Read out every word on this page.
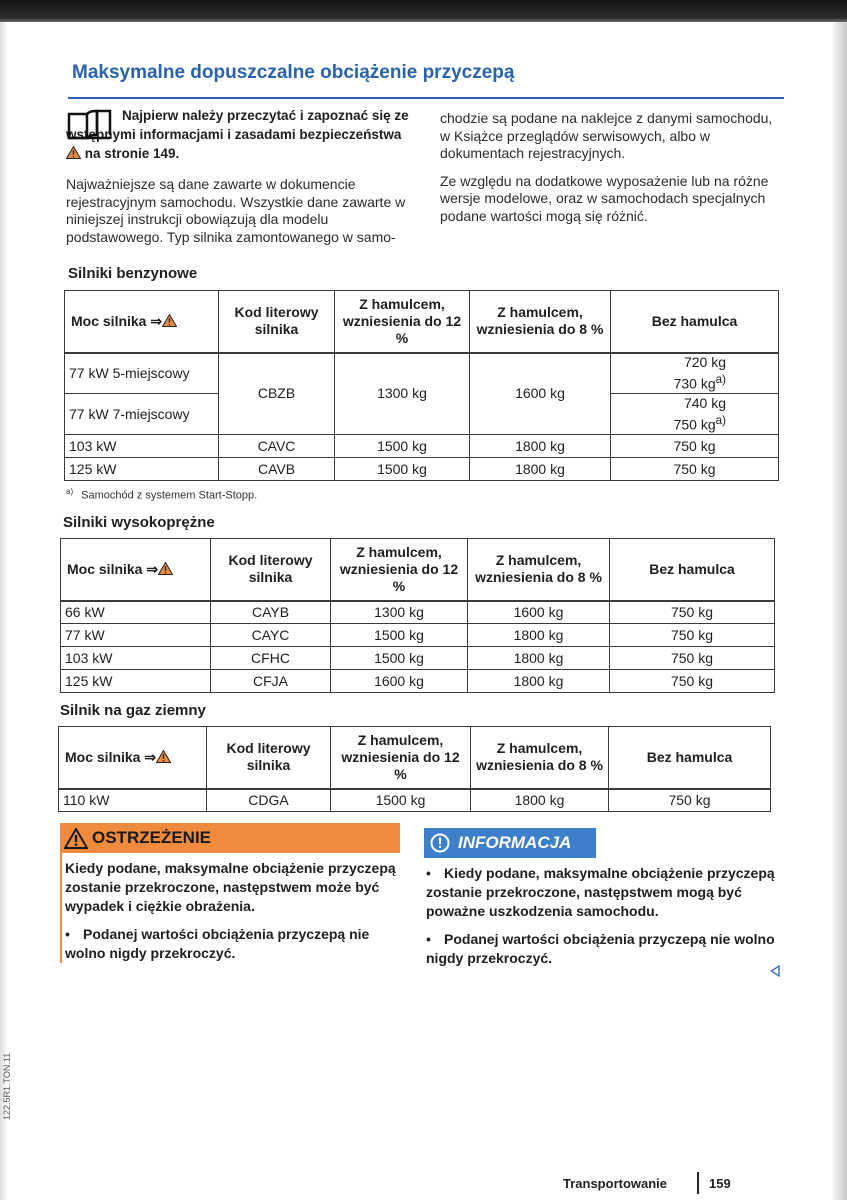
Maksymalne dopuszczalne obciążenie przyczepą

Najpierw należy przeczytać i zapoznać się ze wstępnymi informacjami i zasadami bezpieczeństwa  na stronie 149.

Najważniejsze są dane zawarte w dokumencie rejestracyjnym samochodu. Wszystkie dane zawarte w niniejszej instrukcji obowiązują dla modelu podstawowego. Typ silnika zamontowanego w samo-

chodzie są podane na naklejce z danymi samochodu, w Książce przeglądów serwisowych, albo w dokumentach rejestracyjnych.

Ze względu na dodatkowe wyposażenie lub na różne wersje modelowe, oraz w samochodach specjalnych podane wartości mogą się różnić.

Silniki benzynowe
Moc silnika ⇒	Kod literowy silnika	Z hamulcem, wzniesienia do 12 %	Z hamulcem, wzniesienia do 8 %	Bez hamulca
77 kW 5-miejscowy	CBZB	1300 kg	1600 kg	720 kg
730 $kg^{a)}$
77 kW 7-miejscowy				740 kg
750 $kg^{a)}$
103 kW	CAVC	1500 kg	1800 kg	750 kg
125 kW	CAVB	1500 kg	1800 kg	750 kg
$^{a)}$ Samochód z systemem Start-Stopp.
Silniki wysokoprężne
Moc silnika ⇒	Kod literowy silnika	Z hamulcem, wzniesienia do 12 %	Z hamulcem, wzniesienia do 8 %	Bez hamulca
66 kW	CAYB	1300 kg	1600 kg	750 kg
77 kW	CAYC	1500 kg	1800 kg	750 kg
103 kW	CFHC	1500 kg	1800 kg	750 kg
125 kW	CFJA	1600 kg	1800 kg	750 kg
Silnik na gaz ziemny
Moc silnika ⇒	Kod literowy silnika	Z hamulcem, wzniesienia do 12 %	Z hamulcem, wzniesienia do 8 %	Bez hamulca
110 kW	CDGA	1500 kg	1800 kg	750 kg
OSTRZEŻENIE

Kiedy podane, maksymalne obciążenie przyczepą zostanie przekroczone, następstwem może być wypadek i ciężkie obrażenia.

• Podanej wartości obciążenia przyczepą nie wolno nigdy przekroczyć.

INFORMACJA

• Kiedy podane, maksymalne obciążenie przyczepą zostanie przekroczone, następstwem mogą być poważne uszkodzenia samochodu.

• Podanej wartości obciążenia przyczepą nie wolno nigdy przekroczyć.

Transportowanie	159
122.5R1.TON.11
